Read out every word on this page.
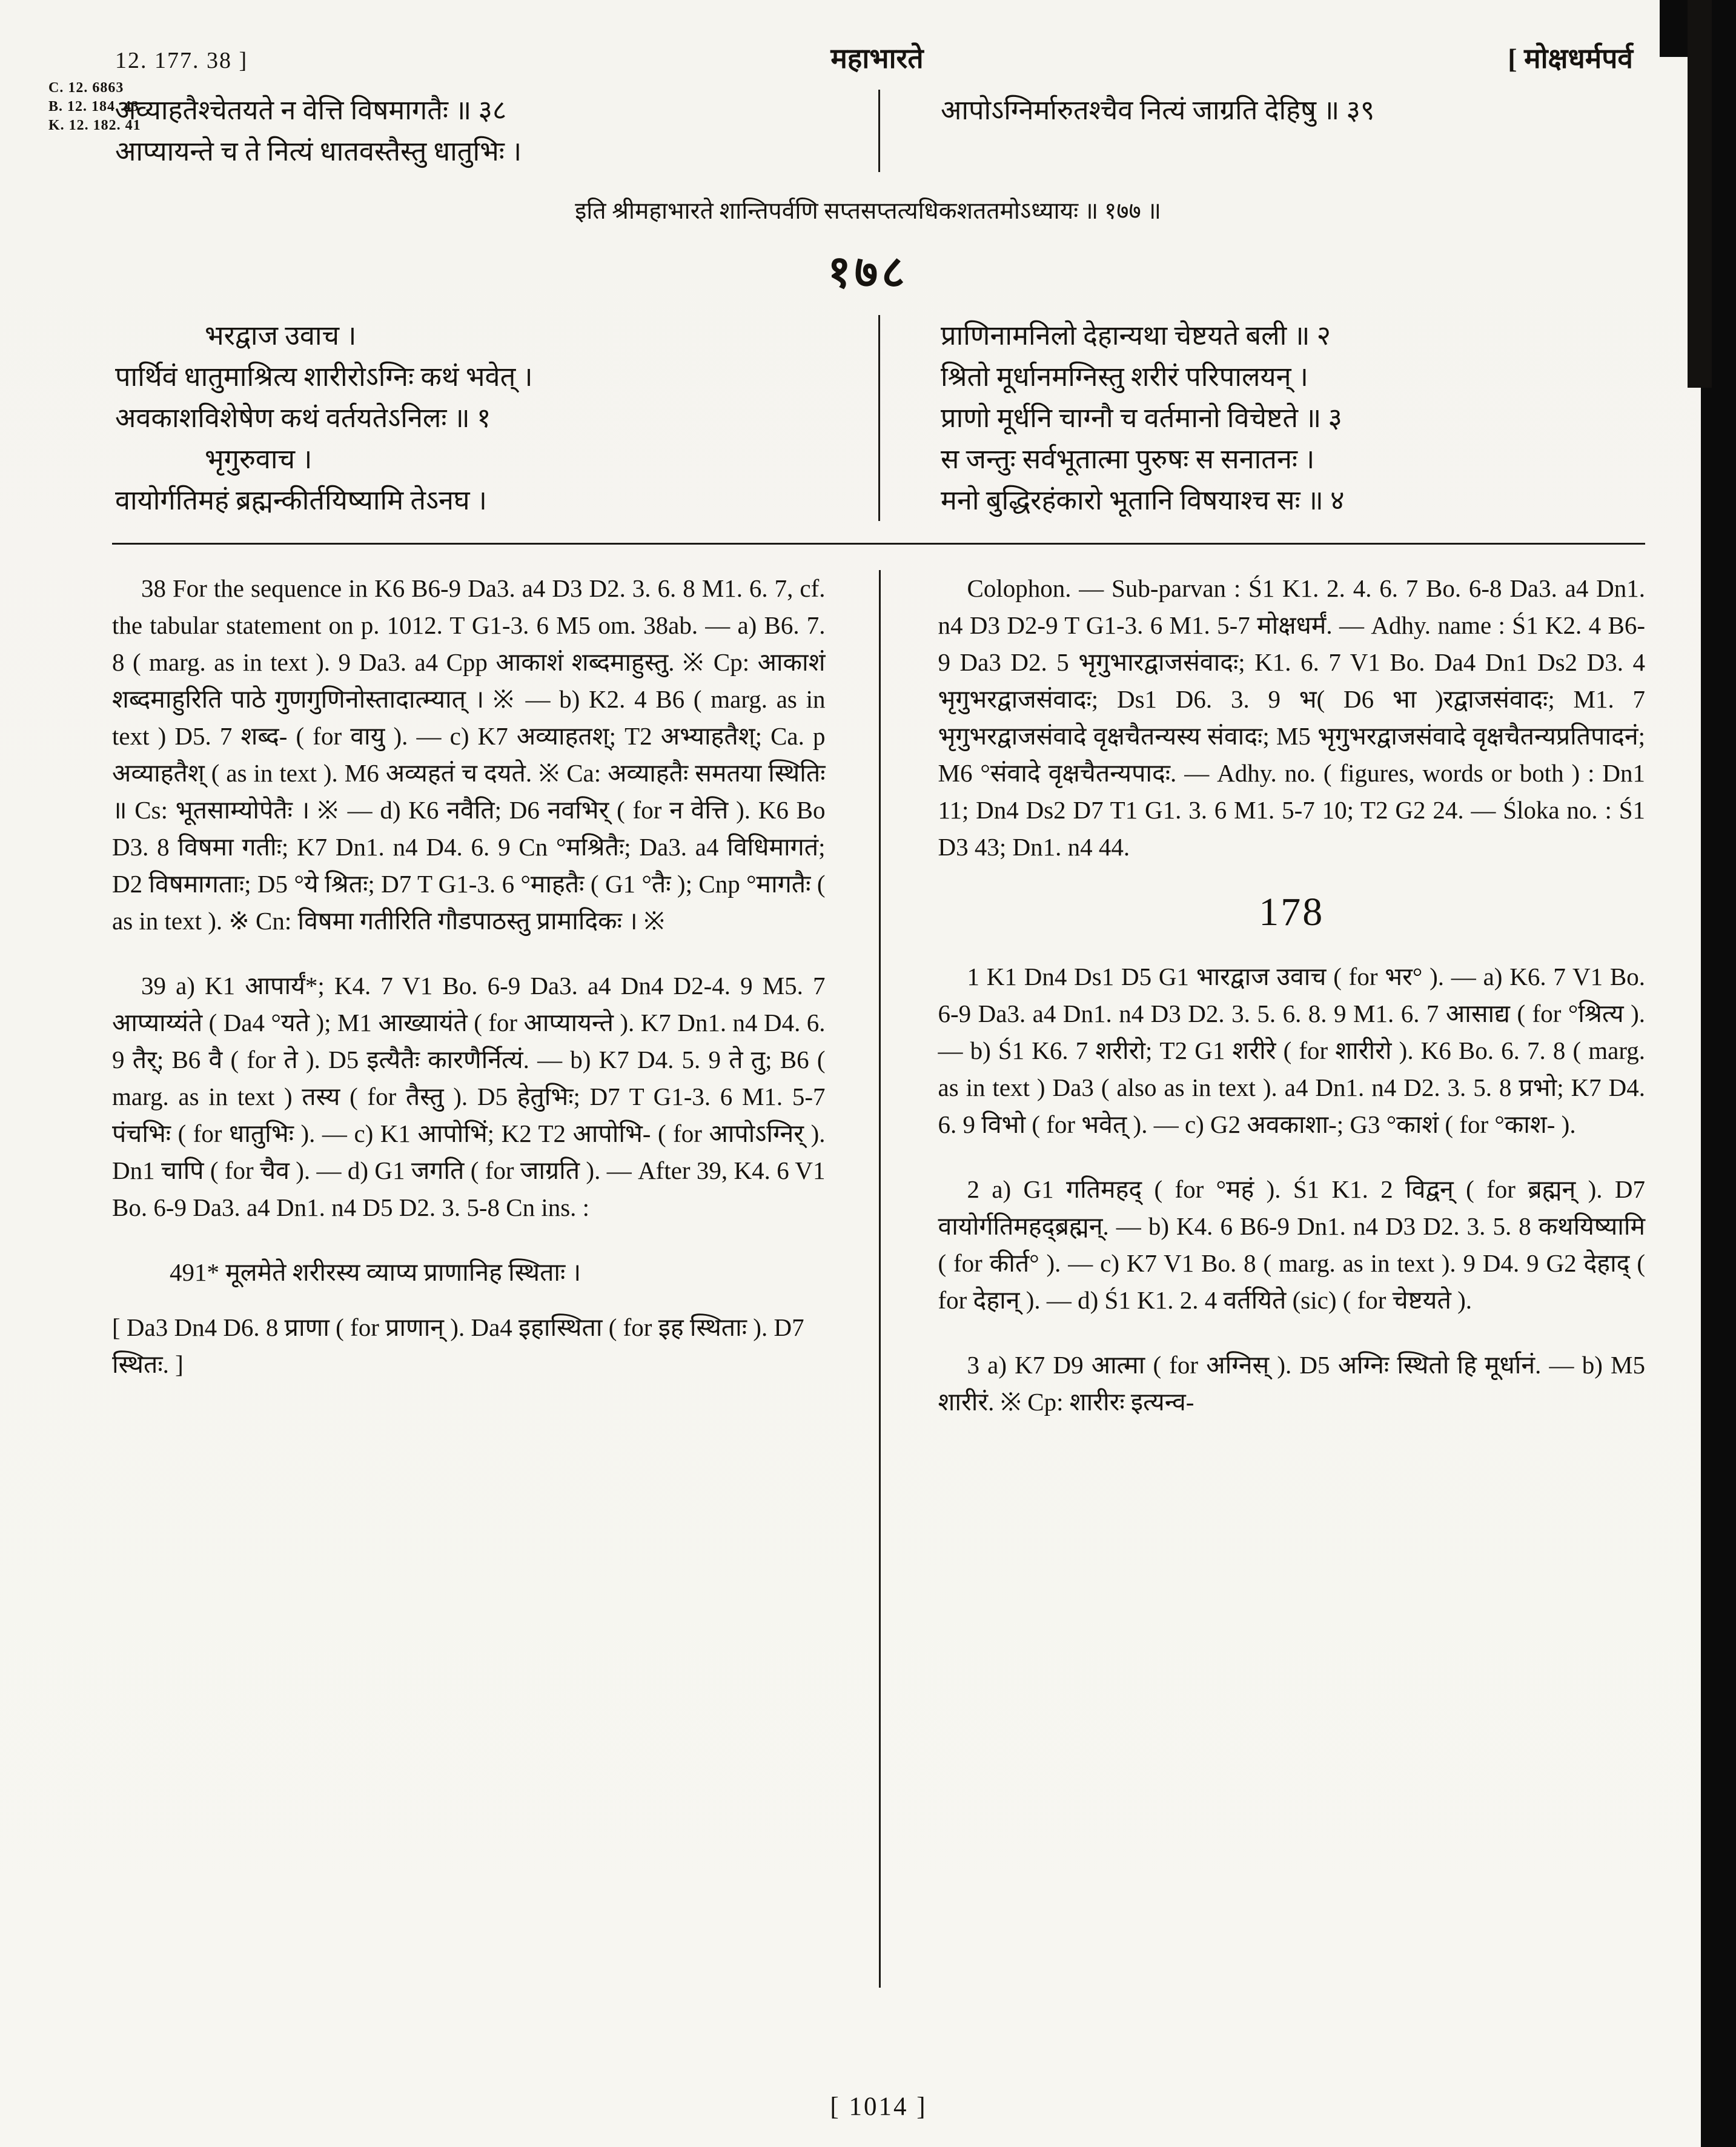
C. 12. 6863
B. 12. 184. 43
K. 12. 182. 41
12. 177. 38 ]	महाभारते	[ मोक्षधर्मपर्व
अव्याहतैश्चेतयते न वेत्ति विषमागतैः ॥ ३८
आप्यायन्ते च ते नित्यं धातवस्तैस्तु धातुभिः ।
आपोऽग्निर्मारुतश्चैव नित्यं जाग्रति देहिषु ॥ ३९
इति श्रीमहाभारते शान्तिपर्वणि सप्तसप्तत्यधिकशततमोऽध्यायः ॥ १७७ ॥
१७८
भरद्वाज उवाच ।
पार्थिवं धातुमाश्रित्य शारीरोऽग्निः कथं भवेत् ।
अवकाशविशेषेण कथं वर्तयतेऽनिलः ॥ १
भृगुरुवाच ।
वायोर्गतिमहं ब्रह्मन्कीर्तयिष्यामि तेऽनघ ।
प्राणिनामनिलो देहान्यथा चेष्टयते बली ॥ २
श्रितो मूर्धानमग्निस्तु शरीरं परिपालयन् ।
प्राणो मूर्धनि चाग्नौ च वर्तमानो विचेष्टते ॥ ३
स जन्तुः सर्वभूतात्मा पुरुषः स सनातनः ।
मनो बुद्धिरहंकारो भूतानि विषयाश्च सः ॥ ४

38 For the sequence in K6 B6-9 Da3. a4 D3 D2. 3. 6. 8 M1. 6. 7, cf. the tabular statement on p. 1012. T G1-3. 6 M5 om. 38ab. — a) B6. 7. 8 ( marg. as in text ). 9 Da3. a4 Cpp आकाशं शब्दमाहुस्तु. ※ Cp: आकाशं शब्दमाहुरिति पाठे गुणगुणिनोस्तादात्म्यात् । ※ — b) K2. 4 B6 ( marg. as in text ) D5. 7 शब्द- ( for वायु ). — c) K7 अव्याहतश्; T2 अभ्याहतैश्; Ca. p अव्याहतैश् ( as in text ). M6 अव्यहतं च दयते. ※ Ca: अव्याहतैः समतया स्थितिः ॥ Cs: भूतसाम्योपेतैः । ※ — d) K6 नवैति; D6 नवभिर् ( for न वेत्ति ). K6 Bo D3. 8 विषमा गतीः; K7 Dn1. n4 D4. 6. 9 Cn °मश्रितैः; Da3. a4 विधिमागतं; D2 विषमागताः; D5 °ये श्रितः; D7 T G1-3. 6 °माहतैः ( G1 °तैः ); Cnp °मागतैः ( as in text ). ※ Cn: विषमा गतीरिति गौडपाठस्तु प्रामादिकः । ※

39 a) K1 आपार्यं*; K4. 7 V1 Bo. 6-9 Da3. a4 Dn4 D2-4. 9 M5. 7 आप्याय्यंते ( Da4 °यते ); M1 आख्यायंते ( for आप्यायन्ते ). K7 Dn1. n4 D4. 6. 9 तैर्; B6 वै ( for ते ). D5 इत्यैतैः कारणैर्नित्यं. — b) K7 D4. 5. 9 ते तु; B6 ( marg. as in text ) तस्य ( for तैस्तु ). D5 हेतुभिः; D7 T G1-3. 6 M1. 5-7 पंचभिः ( for धातुभिः ). — c) K1 आपोभिं; K2 T2 आपोभि- ( for आपोऽग्निर् ). Dn1 चापि ( for चैव ). — d) G1 जगति ( for जाग्रति ). — After 39, K4. 6 V1 Bo. 6-9 Da3. a4 Dn1. n4 D5 D2. 3. 5-8 Cn ins. :

491* मूलमेते शरीरस्य व्याप्य प्राणानिह स्थिताः ।

[ Da3 Dn4 D6. 8 प्राणा ( for प्राणान् ). Da4 इहास्थिता ( for इह स्थिताः ). D7 स्थितः. ]

Colophon. — Sub-parvan : Ś1 K1. 2. 4. 6. 7 Bo. 6-8 Da3. a4 Dn1. n4 D3 D2-9 T G1-3. 6 M1. 5-7 मोक्षधर्मं. — Adhy. name : Ś1 K2. 4 B6-9 Da3 D2. 5 भृगुभारद्वाजसंवादः; K1. 6. 7 V1 Bo. Da4 Dn1 Ds2 D3. 4 भृगुभरद्वाजसंवादः; Ds1 D6. 3. 9 भ( D6 भा )रद्वाजसंवादः; M1. 7 भृगुभरद्वाजसंवादे वृक्षचैतन्यस्य संवादः; M5 भृगुभरद्वाजसंवादे वृक्षचैतन्यप्रतिपादनं; M6 °संवादे वृक्षचैतन्यपादः. — Adhy. no. ( figures, words or both ) : Dn1 11; Dn4 Ds2 D7 T1 G1. 3. 6 M1. 5-7 10; T2 G2 24. — Śloka no. : Ś1 D3 43; Dn1. n4 44.

178

1 K1 Dn4 Ds1 D5 G1 भारद्वाज उवाच ( for भर° ). — a) K6. 7 V1 Bo. 6-9 Da3. a4 Dn1. n4 D3 D2. 3. 5. 6. 8. 9 M1. 6. 7 आसाद्य ( for °श्रित्य ). — b) Ś1 K6. 7 शरीरो; T2 G1 शरीरे ( for शारीरो ). K6 Bo. 6. 7. 8 ( marg. as in text ) Da3 ( also as in text ). a4 Dn1. n4 D2. 3. 5. 8 प्रभो; K7 D4. 6. 9 विभो ( for भवेत् ). — c) G2 अवकाशा-; G3 °काशं ( for °काश- ).

2 a) G1 गतिमहद् ( for °महं ). Ś1 K1. 2 विद्वन् ( for ब्रह्मन् ). D7 वायोर्गतिमहद्ब्रह्मन्. — b) K4. 6 B6-9 Dn1. n4 D3 D2. 3. 5. 8 कथयिष्यामि ( for कीर्त° ). — c) K7 V1 Bo. 8 ( marg. as in text ). 9 D4. 9 G2 देहाद् ( for देहान् ). — d) Ś1 K1. 2. 4 वर्तयिते (sic) ( for चेष्टयते ).

3 a) K7 D9 आत्मा ( for अग्निस् ). D5 अग्निः स्थितो हि मूर्धानं. — b) M5 शारीरं. ※ Cp: शारीरः इत्यन्व-

[ 1014 ]
